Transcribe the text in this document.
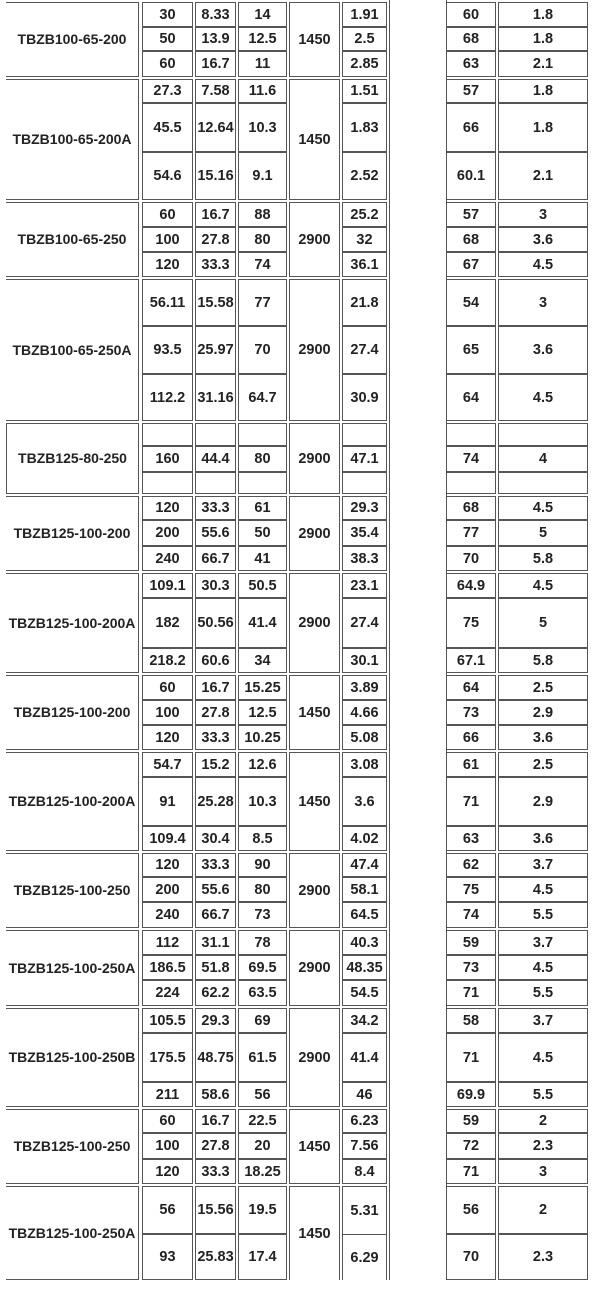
TBZB100-65-200	1450
30	8.33	14	1.91	60	1.8
50	13.9	12.5	2.5	68	1.8
60	16.7	11	2.85	63	2.1
TBZB100-65-200A	1450
27.3	7.58	11.6	1.51	57	1.8
45.5	12.64	10.3	1.83	66	1.8
54.6	15.16	9.1	2.52	60.1	2.1
TBZB100-65-250	2900
60	16.7	88	25.2	57	3
100	27.8	80	32	68	3.6
120	33.3	74	36.1	67	4.5
TBZB100-65-250A	2900
56.11 15.58	77	21.8	54	3
93.5	25.97	70	27.4	65	3.6
112.2 31.16	64.7	30.9	64	4.5
TBZB125-80-250	2900
160	44.4	80	47.1	74	4
TBZB125-100-200	2900
120	33.3	61	29.3	68	4.5
200	55.6	50	35.4	77	5
240	66.7	41	38.3	70	5.8
TBZB125-100-200A	2900
109.1	30.3	50.5	23.1	64.9	4.5
182	50.56	41.4	27.4	75	5
218.2	60.6	34	30.1	67.1	5.8
TBZB125-100-200	1450
60	16.7	15.25	3.89	64	2.5
100	27.8	12.5	4.66	73	2.9
120	33.3	10.25	5.08	66	3.6
TBZB125-100-200A	1450
54.7	15.2	12.6	3.08	61	2.5
91	25.28	10.3	3.6	71	2.9
109.4	30.4	8.5	4.02	63	3.6
TBZB125-100-250	2900
120	33.3	90	47.4	62	3.7
200	55.6	80	58.1	75	4.5
240	66.7	73	64.5	74	5.5
TBZB125-100-250A	2900
112	31.1	78	40.3	59	3.7
186.5	51.8	69.5	48.35	73	4.5
224	62.2	63.5	54.5	71	5.5
TBZB125-100-250B	2900
105.5	29.3	69	34.2	58	3.7
175.5 48.75	61.5	41.4	71	4.5
211	58.6	56	46	69.9	5.5
TBZB125-100-250	1450
60	16.7	22.5	6.23	59	2
100	27.8	20	7.56	72	2.3
120	33.3	18.25	8.4	71	3
TBZB125-100-250A	1450
56	15.56	19.5	5.31	56	2
93	25.83	17.4	6.29	70	2.3
